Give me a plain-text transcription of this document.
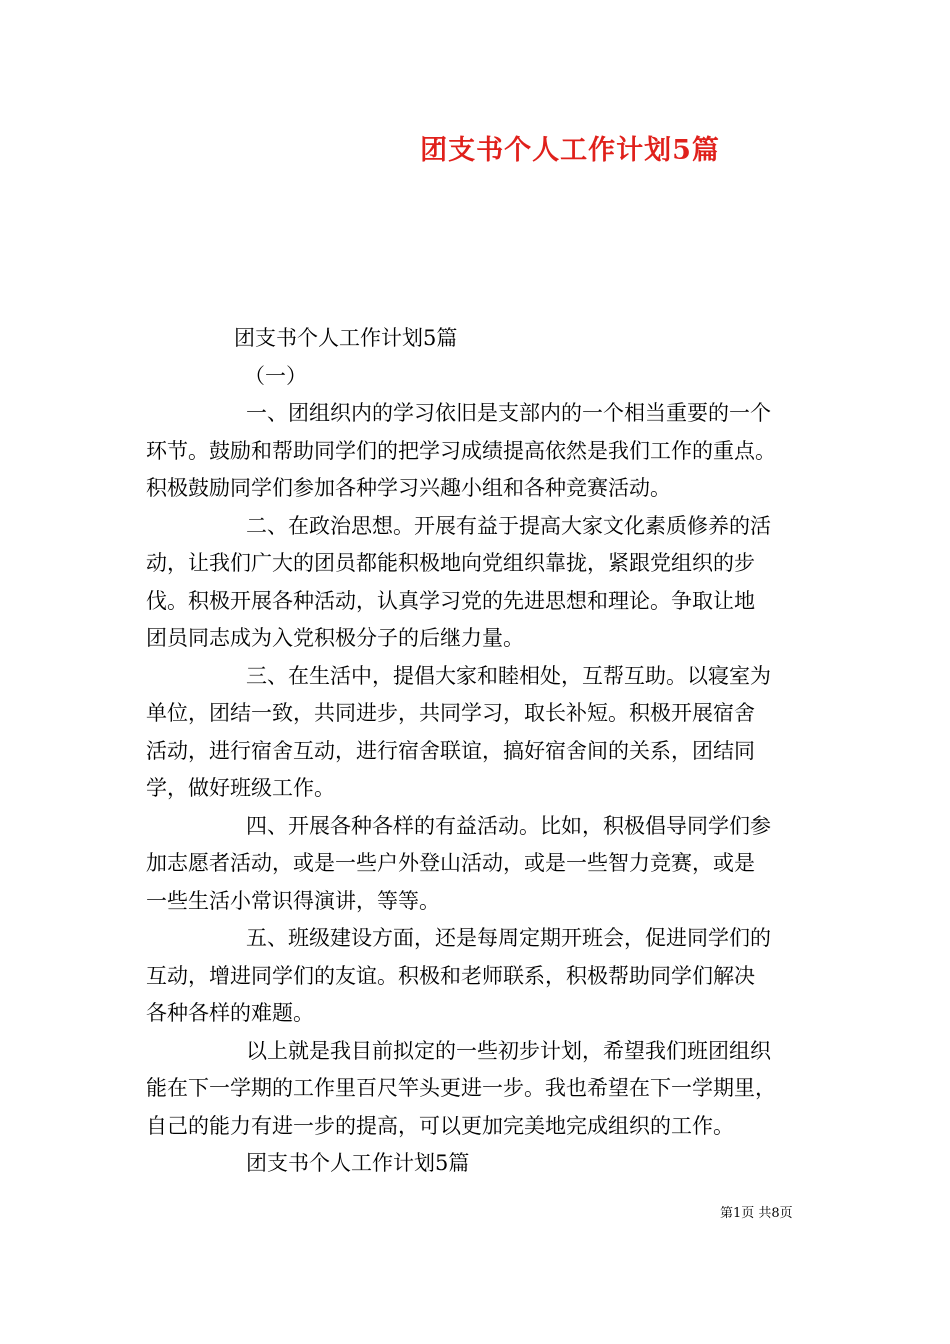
团支书个人工作计划5篇
团支书个人工作计划5篇
（一）
一、团组织内的学习依旧是支部内的一个相当重要的一个
环节。鼓励和帮助同学们的把学习成绩提高依然是我们工作的重点。
积极鼓励同学们参加各种学习兴趣小组和各种竞赛活动。
二、在政治思想。开展有益于提高大家文化素质修养的活
动，让我们广大的团员都能积极地向党组织靠拢，紧跟党组织的步
伐。积极开展各种活动，认真学习党的先进思想和理论。争取让地
团员同志成为入党积极分子的后继力量。
三、在生活中，提倡大家和睦相处，互帮互助。以寝室为
单位，团结一致，共同进步，共同学习，取长补短。积极开展宿舍
活动，进行宿舍互动，进行宿舍联谊，搞好宿舍间的关系，团结同
学，做好班级工作。
四、开展各种各样的有益活动。比如，积极倡导同学们参
加志愿者活动，或是一些户外登山活动，或是一些智力竞赛，或是
一些生活小常识得演讲，等等。
五、班级建设方面，还是每周定期开班会，促进同学们的
互动，增进同学们的友谊。积极和老师联系，积极帮助同学们解决
各种各样的难题。
以上就是我目前拟定的一些初步计划，希望我们班团组织
能在下一学期的工作里百尺竿头更进一步。我也希望在下一学期里，
自己的能力有进一步的提高，可以更加完美地完成组织的工作。
团支书个人工作计划5篇
第1页 共8页
